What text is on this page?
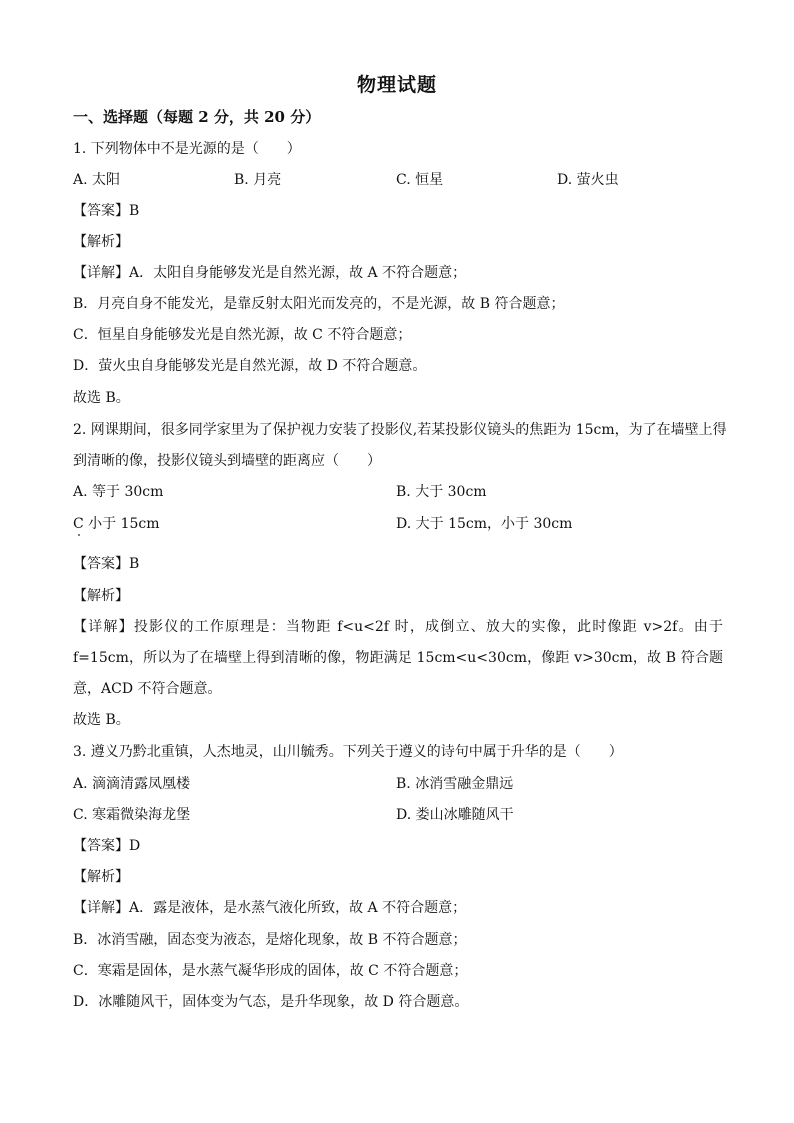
物理试题
一、选择题（每题 2 分，共 20 分）
1. 下列物体中不是光源的是（　　）
A. 太阳	B. 月亮	C. 恒星	D. 萤火虫
【答案】B
【解析】
【详解】A．太阳自身能够发光是自然光源，故 A 不符合题意；
B．月亮自身不能发光，是靠反射太阳光而发亮的，不是光源，故 B 符合题意；
C．恒星自身能够发光是自然光源，故 C 不符合题意；
D．萤火虫自身能够发光是自然光源，故 D 不符合题意。
故选 B。
2. 网课期间，很多同学家里为了保护视力安装了投影仪,若某投影仪镜头的焦距为 15cm，为了在墙壁上得
到清晰的像，投影仪镜头到墙壁的距离应（　　）
A. 等于 30cm	B. 大于 30cm
C 小于 15cm	D. 大于 15cm，小于 30cm
【答案】B
【解析】
【详解】投影仪的工作原理是：当物距 f<u<2f 时，成倒立、放大的实像，此时像距 v>2f。由于 f=15cm，所以为了在墙壁上得到清晰的像，物距满足 15cm<u<30cm，像距 v>30cm，故 B 符合题意，ACD 不符合题意。
故选 B。
3. 遵义乃黔北重镇，人杰地灵，山川毓秀。下列关于遵义的诗句中属于升华的是（　　）
A. 滴滴清露凤凰楼	B. 冰消雪融金鼎远
C. 寒霜微染海龙堡	D. 娄山冰雕随风干
【答案】D
【解析】
【详解】A．露是液体，是水蒸气液化所致，故 A 不符合题意；
B．冰消雪融，固态变为液态，是熔化现象，故 B 不符合题意；
C．寒霜是固体，是水蒸气凝华形成的固体，故 C 不符合题意；
D．冰雕随风干，固体变为气态，是升华现象，故 D 符合题意。
